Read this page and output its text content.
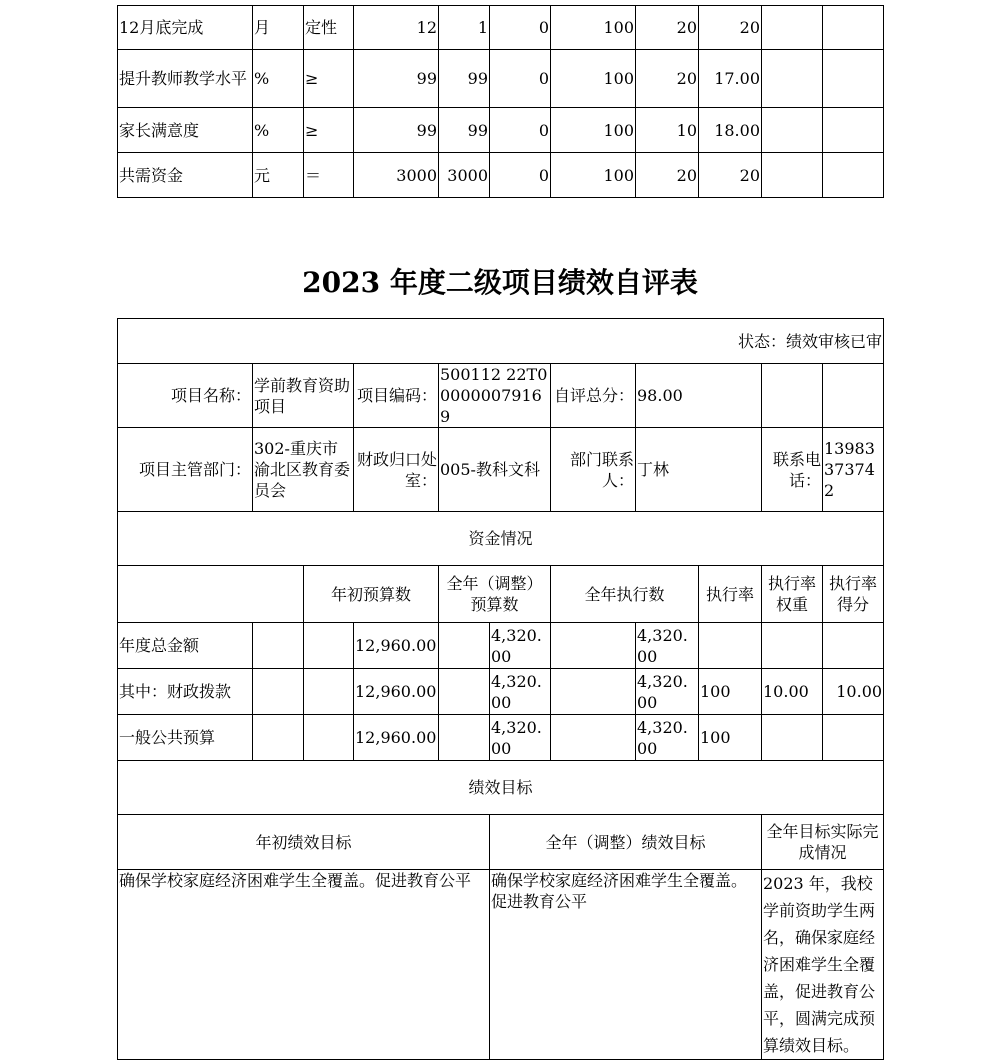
12月底完成	月	定性	12	1	0	100	20	20		
提升教师教学水平	%	≥	99	99	0	100	20	17.00		
家长满意度	%	≥	99	99	0	100	10	18.00		
共需资金	元	＝	3000	3000	0	100	20	20		
2023 年度二级项目绩效自评表
状态：绩效审核已审										
项目名称：	学前教育资助项目		项目编码：	500112 22T000000079169		自评总分：	98.00			
项目主管部门：	302-重庆市渝北区教育委员会		财政归口处室：	005-教科文科		部门联系人：	丁林		联系电话：	13983373742
资金情况										
		年初预算数		全年（调整）预算数		全年执行数		执行率	执行率权重	执行率得分
年度总金额			12,960.00		4,320.00		4,320.00			
其中：财政拨款			12,960.00		4,320.00		4,320.00	100	10.00	10.00
一般公共预算			12,960.00		4,320.00		4,320.00	100		
绩效目标										
年初绩效目标					全年（调整）绩效目标				全年目标实际完成情况	
确保学校家庭经济困难学生全覆盖。促进教育公平					确保学校家庭经济困难学生全覆盖。促进教育公平				2023 年，我校学前资助学生两名，确保家庭经济困难学生全覆盖，促进教育公平，圆满完成预算绩效目标。	
